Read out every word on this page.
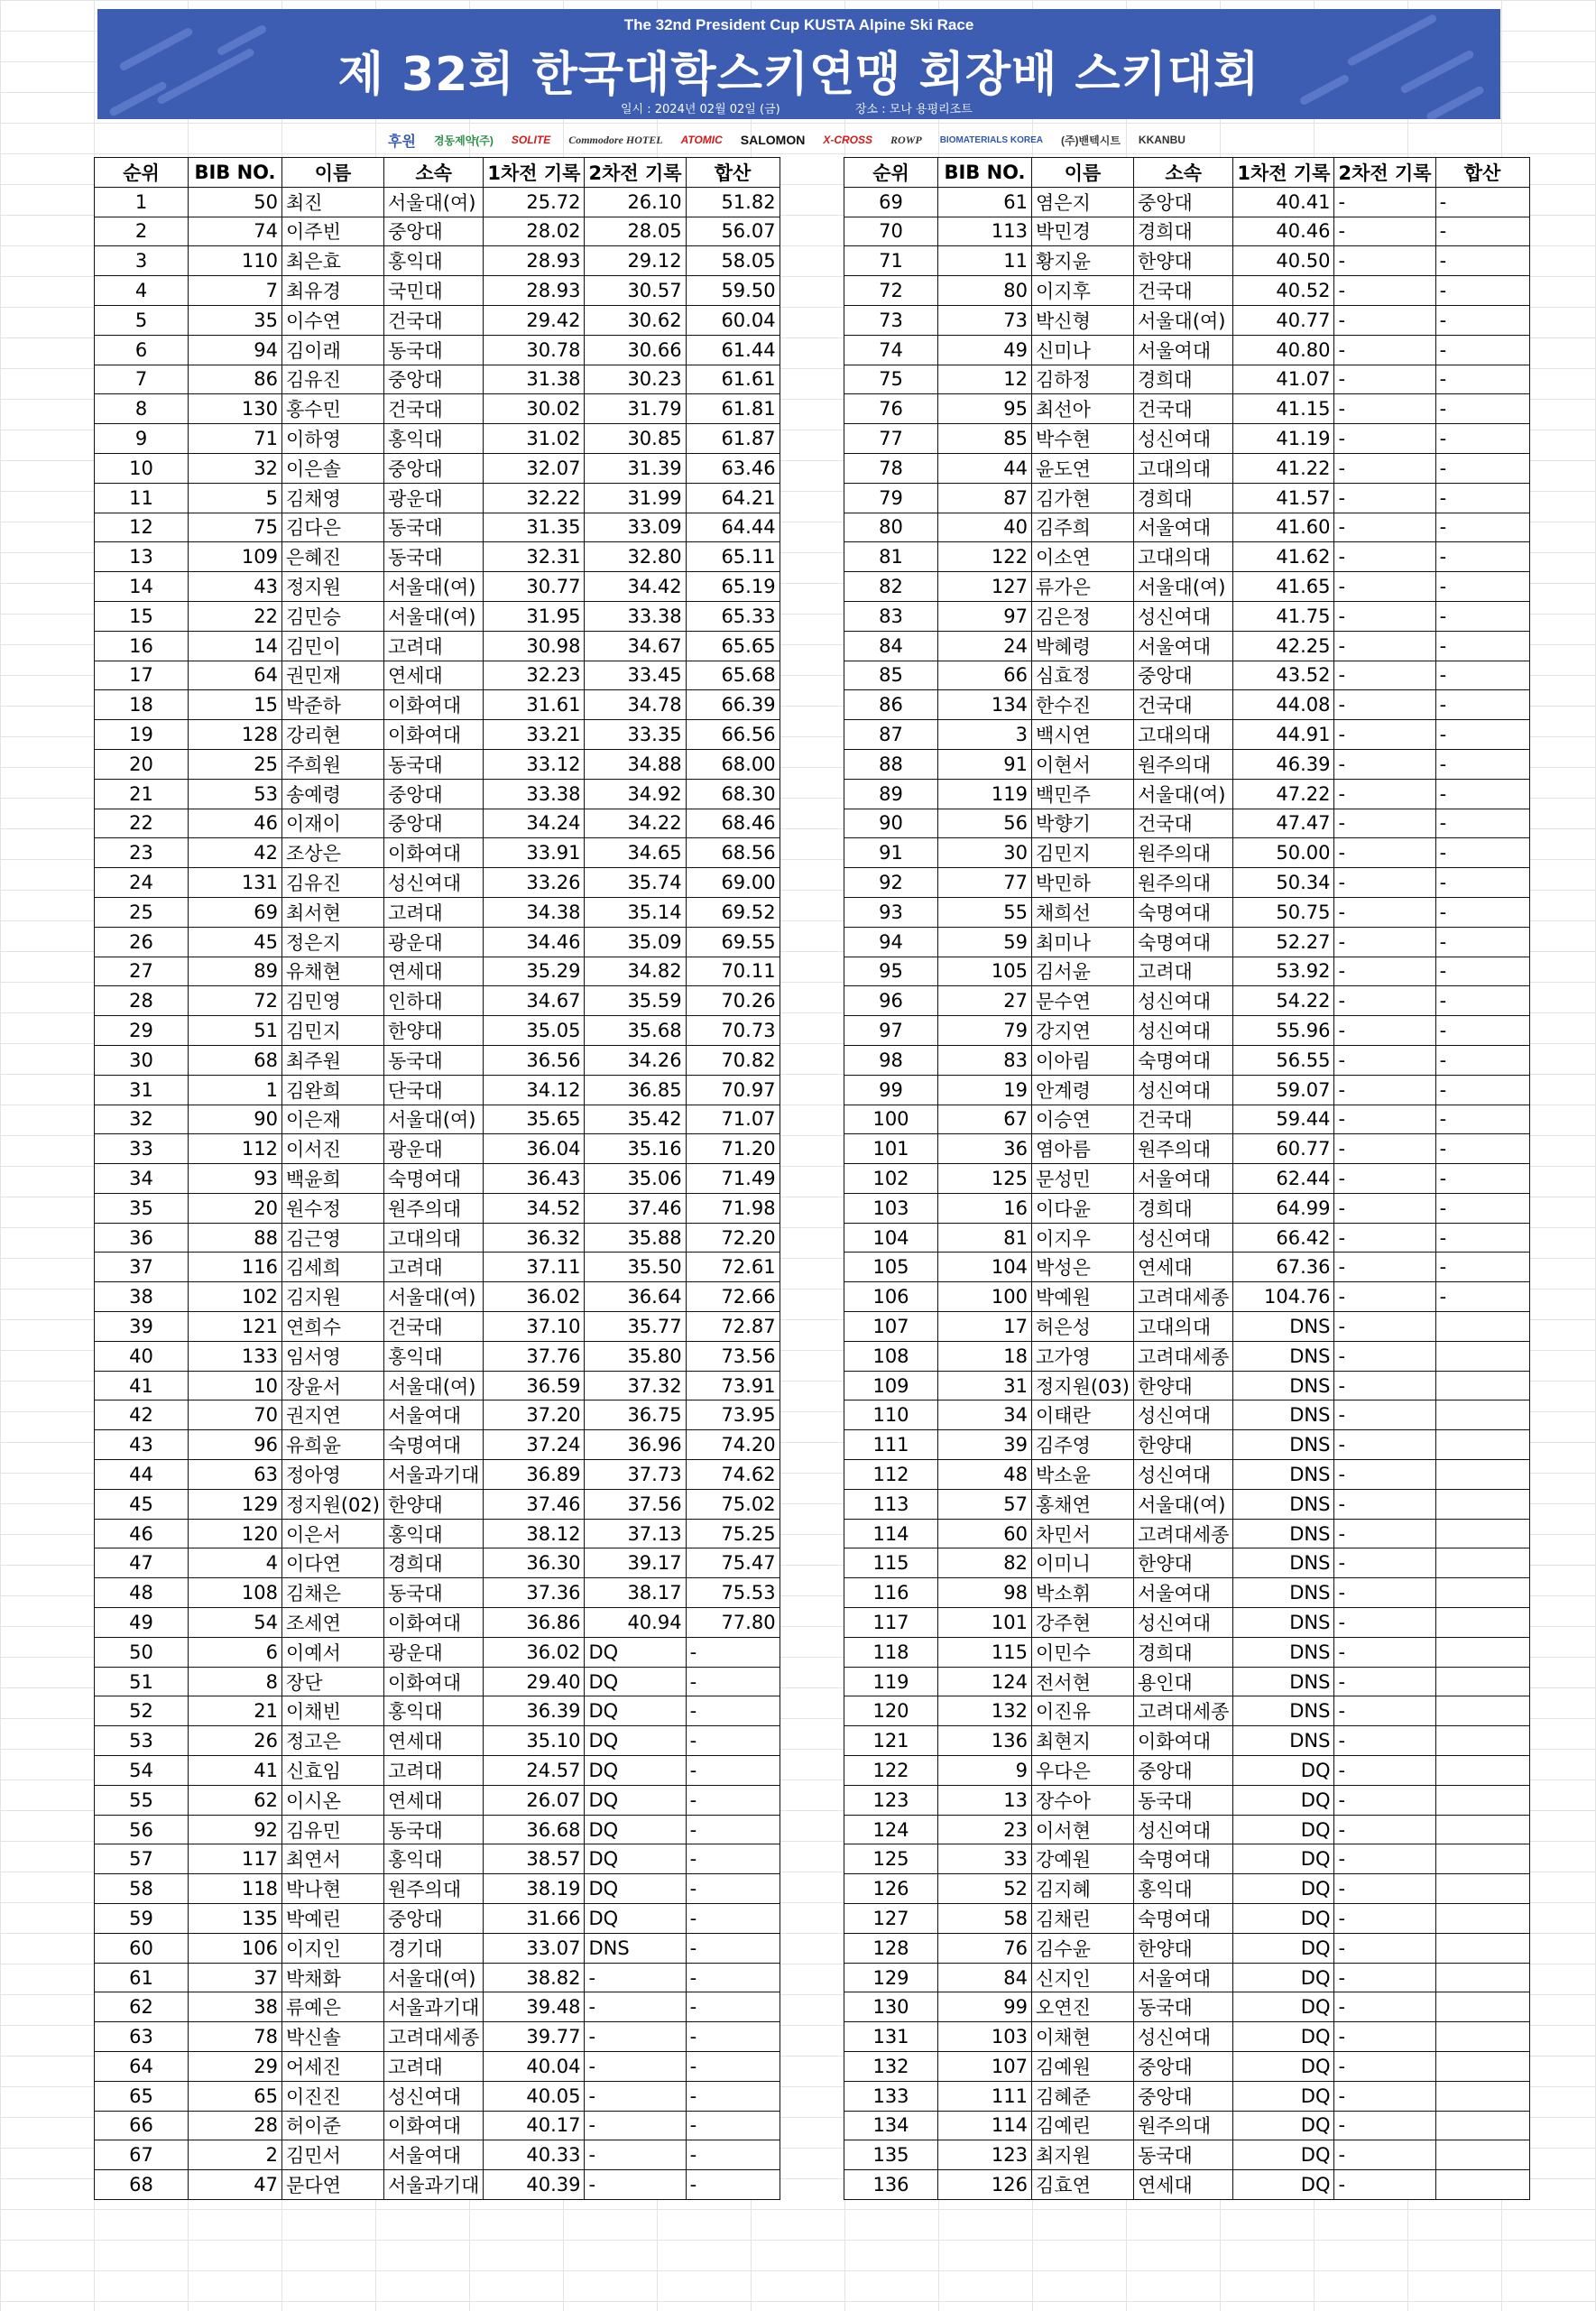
The 32nd President Cup KUSTA Alpine Ski Race
제 32회 한국대학스키연맹 회장배 스키대회
일시 : 2024년 02월 02일 (금)	장소 : 모나 용평리조트
후원 경동제약(주) SOLITE Commodore HOTEL ATOMIC SALOMON X-CROSS ROWP BIOMATERIALS KOREA (주)밴텍시트 KKANBU
순위	BIB NO.	이름	소속	1차전 기록	2차전 기록	합산
1	50	최진	서울대(여)	25.72	26.10	51.82
2	74	이주빈	중앙대	28.02	28.05	56.07
3	110	최은효	홍익대	28.93	29.12	58.05
4	7	최유경	국민대	28.93	30.57	59.50
5	35	이수연	건국대	29.42	30.62	60.04
6	94	김이래	동국대	30.78	30.66	61.44
7	86	김유진	중앙대	31.38	30.23	61.61
8	130	홍수민	건국대	30.02	31.79	61.81
9	71	이하영	홍익대	31.02	30.85	61.87
10	32	이은솔	중앙대	32.07	31.39	63.46
11	5	김채영	광운대	32.22	31.99	64.21
12	75	김다은	동국대	31.35	33.09	64.44
13	109	은혜진	동국대	32.31	32.80	65.11
14	43	정지원	서울대(여)	30.77	34.42	65.19
15	22	김민승	서울대(여)	31.95	33.38	65.33
16	14	김민이	고려대	30.98	34.67	65.65
17	64	권민재	연세대	32.23	33.45	65.68
18	15	박준하	이화여대	31.61	34.78	66.39
19	128	강리현	이화여대	33.21	33.35	66.56
20	25	주희원	동국대	33.12	34.88	68.00
21	53	송예령	중앙대	33.38	34.92	68.30
22	46	이재이	중앙대	34.24	34.22	68.46
23	42	조상은	이화여대	33.91	34.65	68.56
24	131	김유진	성신여대	33.26	35.74	69.00
25	69	최서현	고려대	34.38	35.14	69.52
26	45	정은지	광운대	34.46	35.09	69.55
27	89	유채현	연세대	35.29	34.82	70.11
28	72	김민영	인하대	34.67	35.59	70.26
29	51	김민지	한양대	35.05	35.68	70.73
30	68	최주원	동국대	36.56	34.26	70.82
31	1	김완희	단국대	34.12	36.85	70.97
32	90	이은재	서울대(여)	35.65	35.42	71.07
33	112	이서진	광운대	36.04	35.16	71.20
34	93	백윤희	숙명여대	36.43	35.06	71.49
35	20	원수정	원주의대	34.52	37.46	71.98
36	88	김근영	고대의대	36.32	35.88	72.20
37	116	김세희	고려대	37.11	35.50	72.61
38	102	김지원	서울대(여)	36.02	36.64	72.66
39	121	연희수	건국대	37.10	35.77	72.87
40	133	임서영	홍익대	37.76	35.80	73.56
41	10	장윤서	서울대(여)	36.59	37.32	73.91
42	70	권지연	서울여대	37.20	36.75	73.95
43	96	유희윤	숙명여대	37.24	36.96	74.20
44	63	정아영	서울과기대	36.89	37.73	74.62
45	129	정지원(02)	한양대	37.46	37.56	75.02
46	120	이은서	홍익대	38.12	37.13	75.25
47	4	이다연	경희대	36.30	39.17	75.47
48	108	김채은	동국대	37.36	38.17	75.53
49	54	조세연	이화여대	36.86	40.94	77.80
50	6	이예서	광운대	36.02	DQ	-
51	8	장단	이화여대	29.40	DQ	-
52	21	이채빈	홍익대	36.39	DQ	-
53	26	정고은	연세대	35.10	DQ	-
54	41	신효임	고려대	24.57	DQ	-
55	62	이시온	연세대	26.07	DQ	-
56	92	김유민	동국대	36.68	DQ	-
57	117	최연서	홍익대	38.57	DQ	-
58	118	박나현	원주의대	38.19	DQ	-
59	135	박예린	중앙대	31.66	DQ	-
60	106	이지인	경기대	33.07	DNS	-
61	37	박채화	서울대(여)	38.82	-	-
62	38	류예은	서울과기대	39.48	-	-
63	78	박신솔	고려대세종	39.77	-	-
64	29	어세진	고려대	40.04	-	-
65	65	이진진	성신여대	40.05	-	-
66	28	허이준	이화여대	40.17	-	-
67	2	김민서	서울여대	40.33	-	-
68	47	문다연	서울과기대	40.39	-	-
순위	BIB NO.	이름	소속	1차전 기록	2차전 기록	합산
69	61	염은지	중앙대	40.41	-	-
70	113	박민경	경희대	40.46	-	-
71	11	황지윤	한양대	40.50	-	-
72	80	이지후	건국대	40.52	-	-
73	73	박신형	서울대(여)	40.77	-	-
74	49	신미나	서울여대	40.80	-	-
75	12	김하정	경희대	41.07	-	-
76	95	최선아	건국대	41.15	-	-
77	85	박수현	성신여대	41.19	-	-
78	44	윤도연	고대의대	41.22	-	-
79	87	김가현	경희대	41.57	-	-
80	40	김주희	서울여대	41.60	-	-
81	122	이소연	고대의대	41.62	-	-
82	127	류가은	서울대(여)	41.65	-	-
83	97	김은정	성신여대	41.75	-	-
84	24	박혜령	서울여대	42.25	-	-
85	66	심효정	중앙대	43.52	-	-
86	134	한수진	건국대	44.08	-	-
87	3	백시연	고대의대	44.91	-	-
88	91	이현서	원주의대	46.39	-	-
89	119	백민주	서울대(여)	47.22	-	-
90	56	박향기	건국대	47.47	-	-
91	30	김민지	원주의대	50.00	-	-
92	77	박민하	원주의대	50.34	-	-
93	55	채희선	숙명여대	50.75	-	-
94	59	최미나	숙명여대	52.27	-	-
95	105	김서윤	고려대	53.92	-	-
96	27	문수연	성신여대	54.22	-	-
97	79	강지연	성신여대	55.96	-	-
98	83	이아림	숙명여대	56.55	-	-
99	19	안계령	성신여대	59.07	-	-
100	67	이승연	건국대	59.44	-	-
101	36	염아름	원주의대	60.77	-	-
102	125	문성민	서울여대	62.44	-	-
103	16	이다윤	경희대	64.99	-	-
104	81	이지우	성신여대	66.42	-	-
105	104	박성은	연세대	67.36	-	-
106	100	박예원	고려대세종	104.76	-	-
107	17	허은성	고대의대	DNS	-	
108	18	고가영	고려대세종	DNS	-	
109	31	정지원(03)	한양대	DNS	-	
110	34	이태란	성신여대	DNS	-	
111	39	김주영	한양대	DNS	-	
112	48	박소윤	성신여대	DNS	-	
113	57	홍채연	서울대(여)	DNS	-	
114	60	차민서	고려대세종	DNS	-	
115	82	이미니	한양대	DNS	-	
116	98	박소휘	서울여대	DNS	-	
117	101	강주현	성신여대	DNS	-	
118	115	이민수	경희대	DNS	-	
119	124	전서현	용인대	DNS	-	
120	132	이진유	고려대세종	DNS	-	
121	136	최현지	이화여대	DNS	-	
122	9	우다은	중앙대	DQ	-	
123	13	장수아	동국대	DQ	-	
124	23	이서현	성신여대	DQ	-	
125	33	강예원	숙명여대	DQ	-	
126	52	김지혜	홍익대	DQ	-	
127	58	김채린	숙명여대	DQ	-	
128	76	김수윤	한양대	DQ	-	
129	84	신지인	서울여대	DQ	-	
130	99	오연진	동국대	DQ	-	
131	103	이채현	성신여대	DQ	-	
132	107	김예원	중앙대	DQ	-	
133	111	김혜준	중앙대	DQ	-	
134	114	김예린	원주의대	DQ	-	
135	123	최지원	동국대	DQ	-	
136	126	김효연	연세대	DQ	-	
